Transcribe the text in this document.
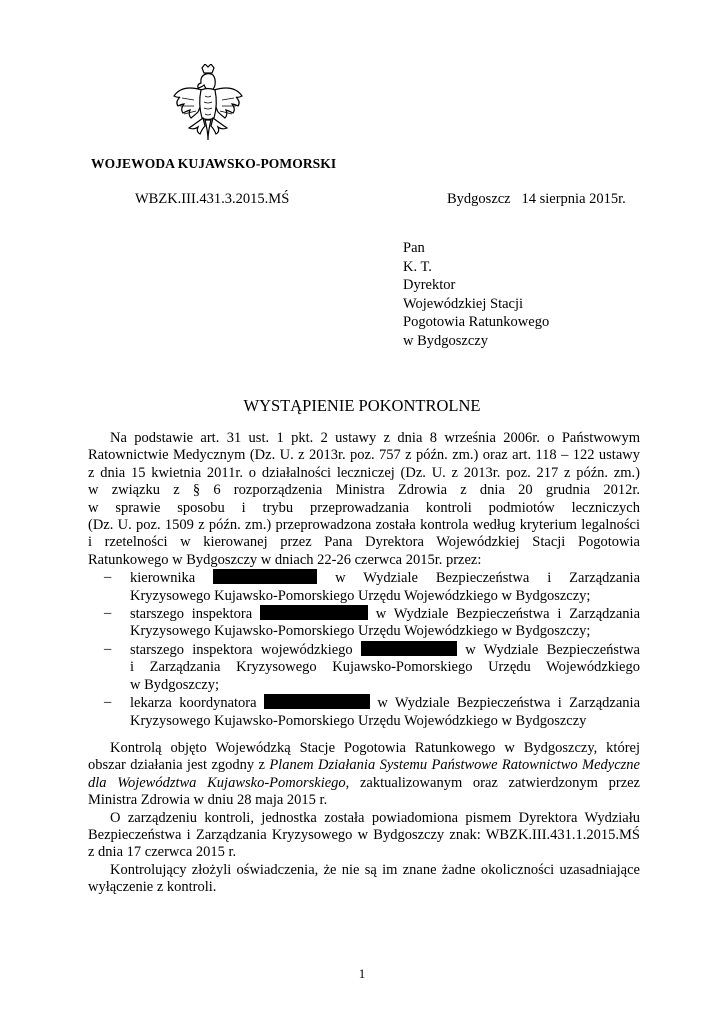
WOJEWODA KUJAWSKO-POMORSKI
WBZK.III.431.3.2015.MŚ	Bydgoszcz   14 sierpnia 2015r.
Pan
K. T.
Dyrektor
Wojewódzkiej Stacji
Pogotowia Ratunkowego
w Bydgoszczy
WYSTĄPIENIE POKONTROLNE
Na podstawie art. 31 ust. 1 pkt. 2 ustawy z dnia 8 września 2006r. o Państwowym
Ratownictwie Medycznym (Dz. U. z 2013r. poz. 757 z późn. zm.) oraz art. 118 – 122 ustawy
z dnia 15 kwietnia 2011r. o działalności leczniczej (Dz. U. z 2013r. poz. 217 z późn. zm.)
w związku z § 6 rozporządzenia Ministra Zdrowia z dnia 20 grudnia 2012r.
w sprawie sposobu i trybu przeprowadzania kontroli podmiotów leczniczych
(Dz. U. poz. 1509 z późn. zm.) przeprowadzona została kontrola według kryterium legalności
i rzetelności w kierowanej przez Pana Dyrektora Wojewódzkiej Stacji Pogotowia
Ratunkowego w Bydgoszczy w dniach 22-26 czerwca 2015r. przez:
–	kierownika	w Wydziale Bezpieczeństwa i Zarządzania
Kryzysowego Kujawsko-Pomorskiego Urzędu Wojewódzkiego w Bydgoszczy;
–	starszego inspektora	w Wydziale Bezpieczeństwa i Zarządzania
Kryzysowego Kujawsko-Pomorskiego Urzędu Wojewódzkiego w Bydgoszczy;
–	starszego inspektora wojewódzkiego	w Wydziale Bezpieczeństwa
i Zarządzania Kryzysowego Kujawsko-Pomorskiego Urzędu Wojewódzkiego
w Bydgoszczy;
–	lekarza koordynatora	w Wydziale Bezpieczeństwa i Zarządzania
Kryzysowego Kujawsko-Pomorskiego Urzędu Wojewódzkiego w Bydgoszczy
Kontrolą objęto Wojewódzką Stacje Pogotowia Ratunkowego w Bydgoszczy, której
obszar działania jest zgodny z Planem Działania Systemu Państwowe Ratownictwo Medyczne
dla Województwa Kujawsko-Pomorskiego, zaktualizowanym oraz zatwierdzonym przez
Ministra Zdrowia w dniu 28 maja 2015 r.
O zarządzeniu kontroli, jednostka została powiadomiona pismem Dyrektora Wydziału
Bezpieczeństwa i Zarządzania Kryzysowego w Bydgoszczy znak: WBZK.III.431.1.2015.MŚ
z dnia 17 czerwca 2015 r.
Kontrolujący złożyli oświadczenia, że nie są im znane żadne okoliczności uzasadniające
wyłączenie z kontroli.
1
